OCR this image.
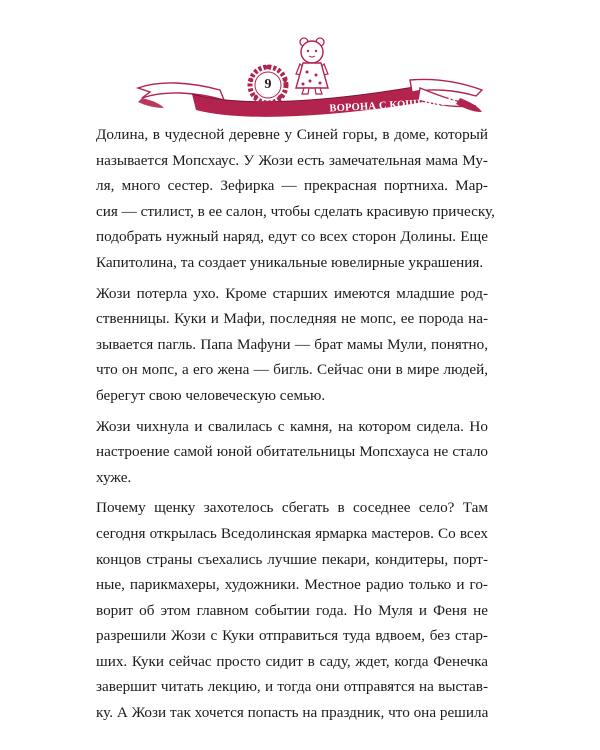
9
ВОРОНА С КОШЕЧКОЙ
Долина, в чудесной деревне у Синей горы, в доме, который
называется Мопсхаус. У Жози есть замечательная мама Му-
ля, много сестер. Зефирка — прекрасная портниха. Мар-
сия — стилист, в ее салон, чтобы сделать красивую прическу,
подобрать нужный наряд, едут со всех сторон Долины. Еще
Капитолина, та создает уникальные ювелирные украшения.
Жози потерла ухо. Кроме старших имеются младшие род-
ственницы. Куки и Мафи, последняя не мопс, ее порода на-
зывается пагль. Папа Мафуни — брат мамы Мули, понятно,
что он мопс, а его жена — бигль. Сейчас они в мире людей,
берегут свою человеческую семью.
Жози чихнула и свалилась с камня, на котором сидела. Но
настроение самой юной обитательницы Мопсхауса не стало
хуже.
Почему щенку захотелось сбегать в соседнее село? Там
сегодня открылась Вседолинская ярмарка мастеров. Со всех
концов страны съехались лучшие пекари, кондитеры, порт-
ные, парикмахеры, художники. Местное радио только и го-
ворит об этом главном событии года. Но Муля и Феня не
разрешили Жози с Куки отправиться туда вдвоем, без стар-
ших. Куки сейчас просто сидит в саду, ждет, когда Фенечка
завершит читать лекцию, и тогда они отправятся на выстав-
ку. А Жози так хочется попасть на праздник, что она решила
